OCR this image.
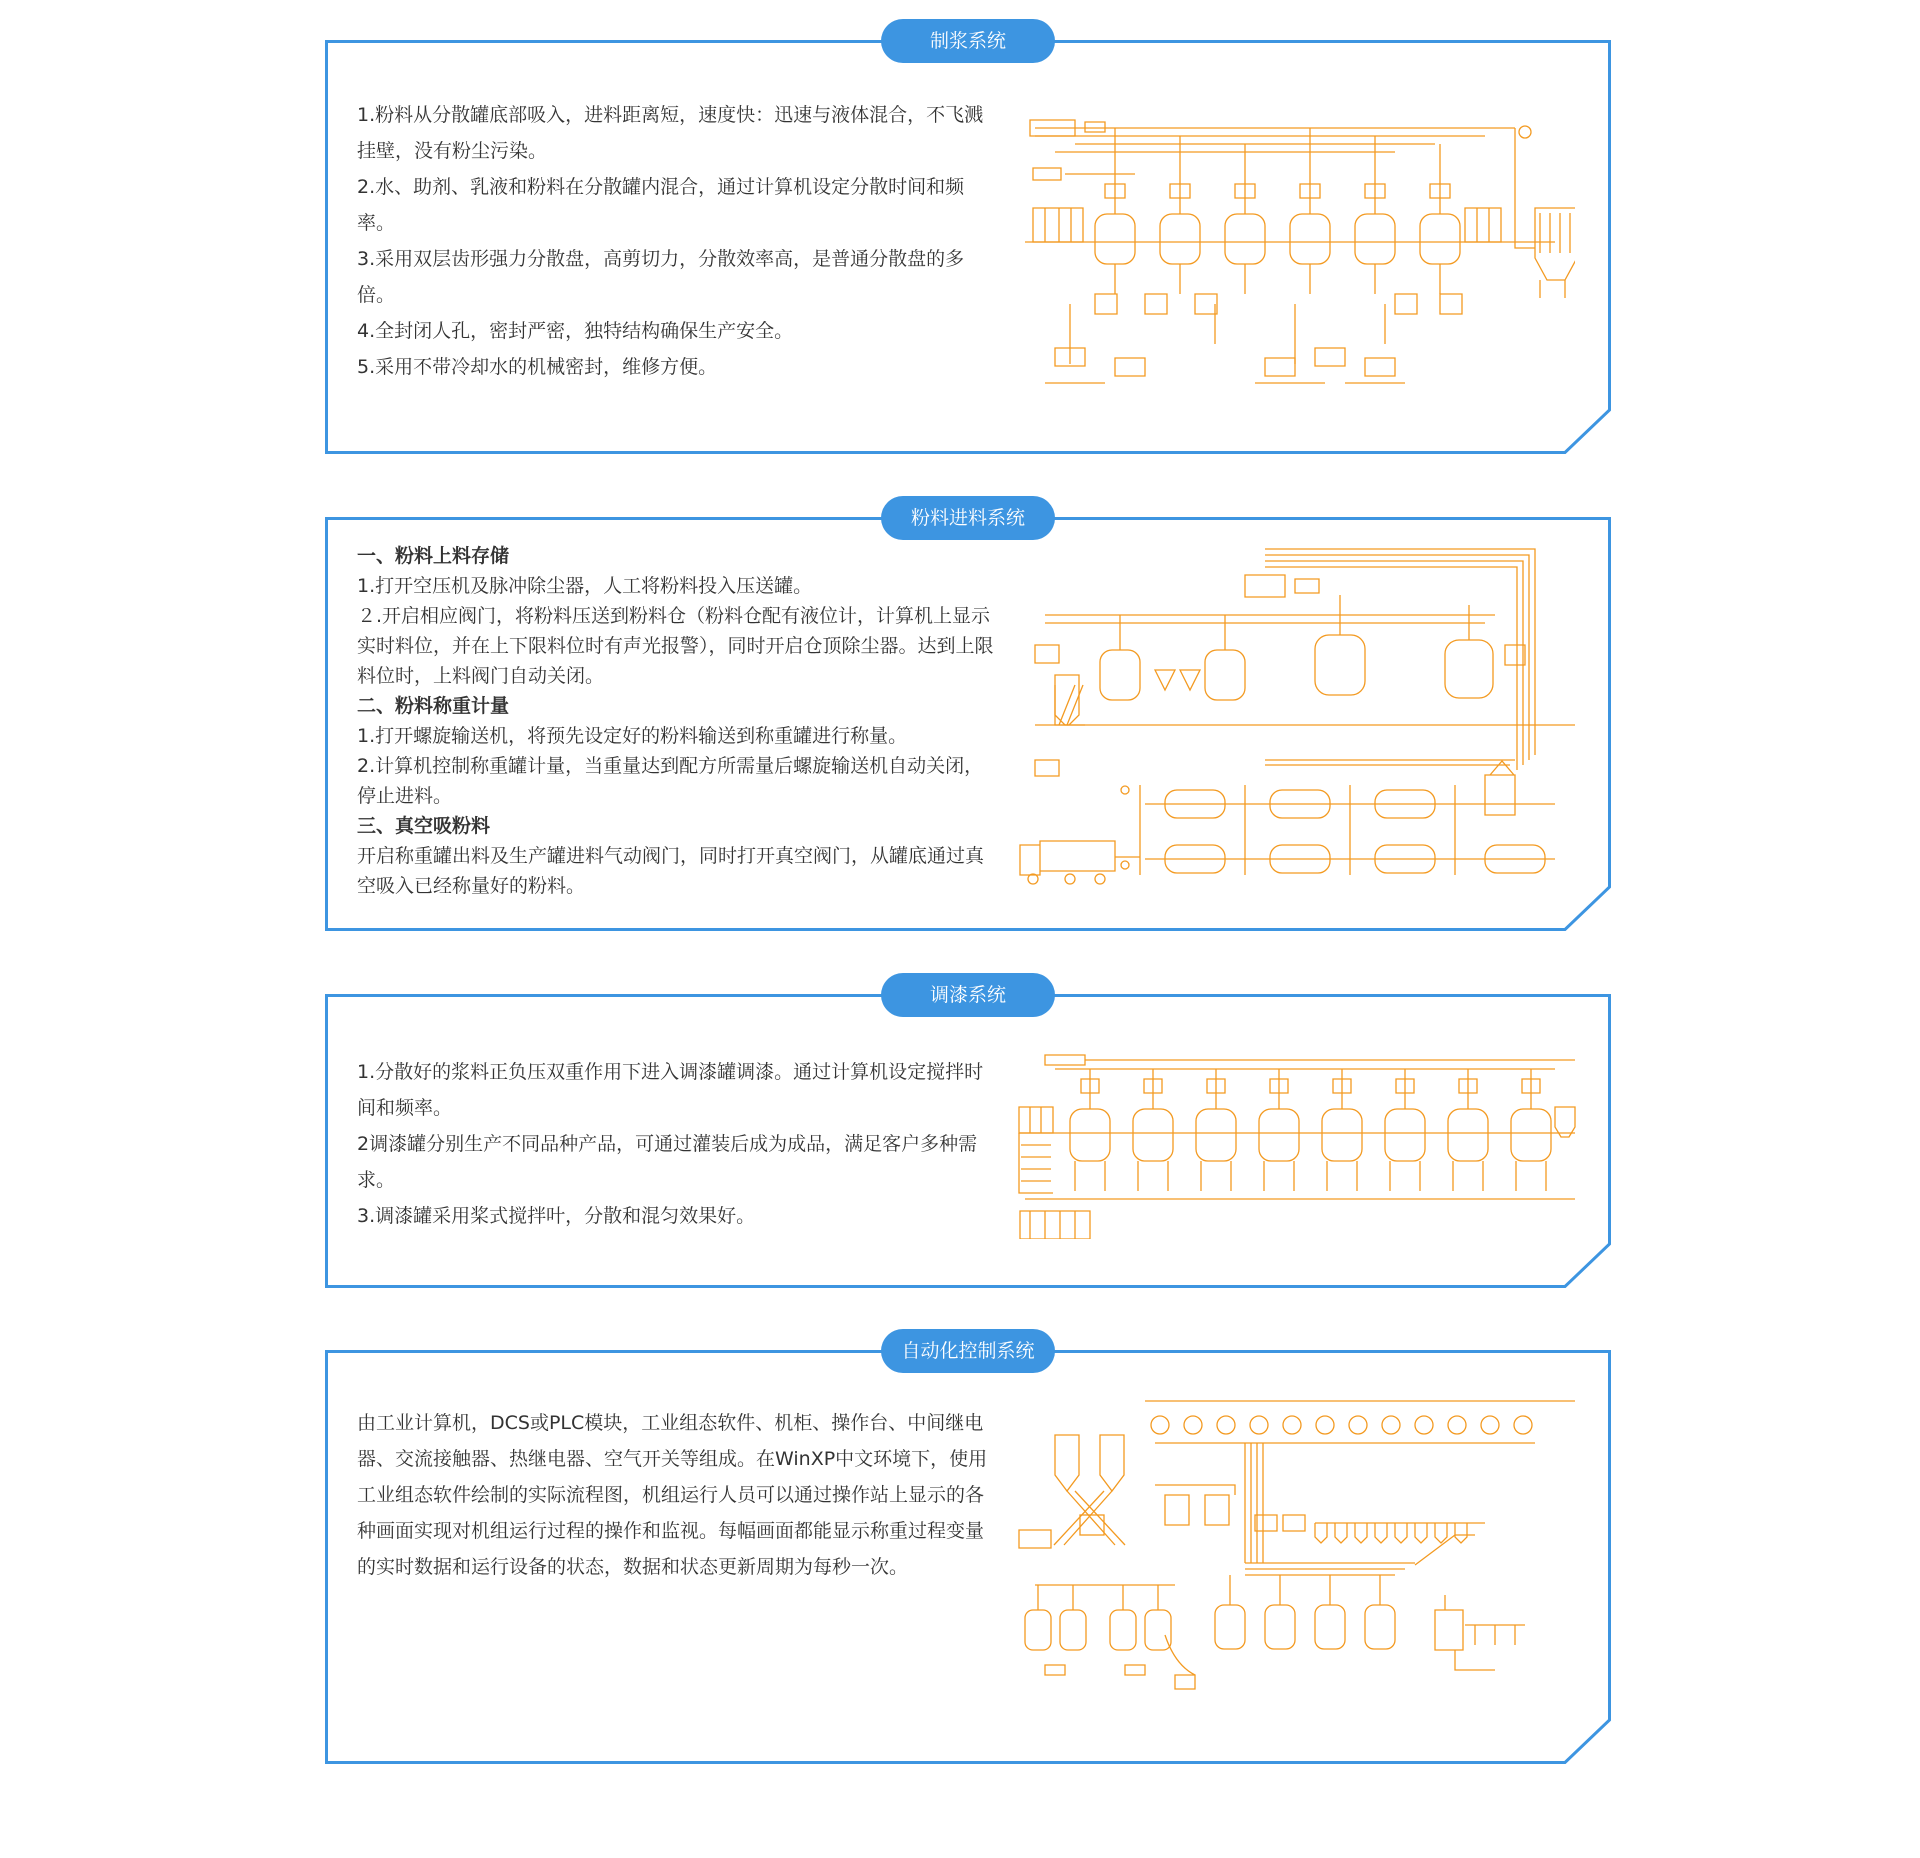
制浆系统

1.粉料从分散罐底部吸入，进料距离短，速度快：迅速与液体混合，不飞溅挂壁，没有粉尘污染。

2.水、助剂、乳液和粉料在分散罐内混合，通过计算机设定分散时间和频率。

3.采用双层齿形强力分散盘，高剪切力，分散效率高，是普通分散盘的多倍。

4.全封闭人孔，密封严密，独特结构确保生产安全。

5.采用不带冷却水的机械密封，维修方便。

粉料进料系统

一、粉料上料存储

1.打开空压机及脉冲除尘器，人工将粉料投入压送罐。

２.开启相应阀门，将粉料压送到粉料仓（粉料仓配有液位计，计算机上显示实时料位，并在上下限料位时有声光报警），同时开启仓顶除尘器。达到上限料位时，上料阀门自动关闭。

二、粉料称重计量

1.打开螺旋输送机，将预先设定好的粉料输送到称重罐进行称量。

2.计算机控制称重罐计量，当重量达到配方所需量后螺旋输送机自动关闭，停止进料。

三、真空吸粉料

开启称重罐出料及生产罐进料气动阀门，同时打开真空阀门，从罐底通过真空吸入已经称量好的粉料。

调漆系统

1.分散好的浆料正负压双重作用下进入调漆罐调漆。通过计算机设定搅拌时间和频率。

2调漆罐分别生产不同品种产品，可通过灌装后成为成品，满足客户多种需求。

3.调漆罐采用桨式搅拌叶，分散和混匀效果好。

自动化控制系统

由工业计算机，DCS或PLC模块，工业组态软件、机柜、操作台、中间继电器、交流接触器、热继电器、空气开关等组成。在WinXP中文环境下，使用工业组态软件绘制的实际流程图，机组运行人员可以通过操作站上显示的各种画面实现对机组运行过程的操作和监视。每幅画面都能显示称重过程变量的实时数据和运行设备的状态，数据和状态更新周期为每秒一次。
